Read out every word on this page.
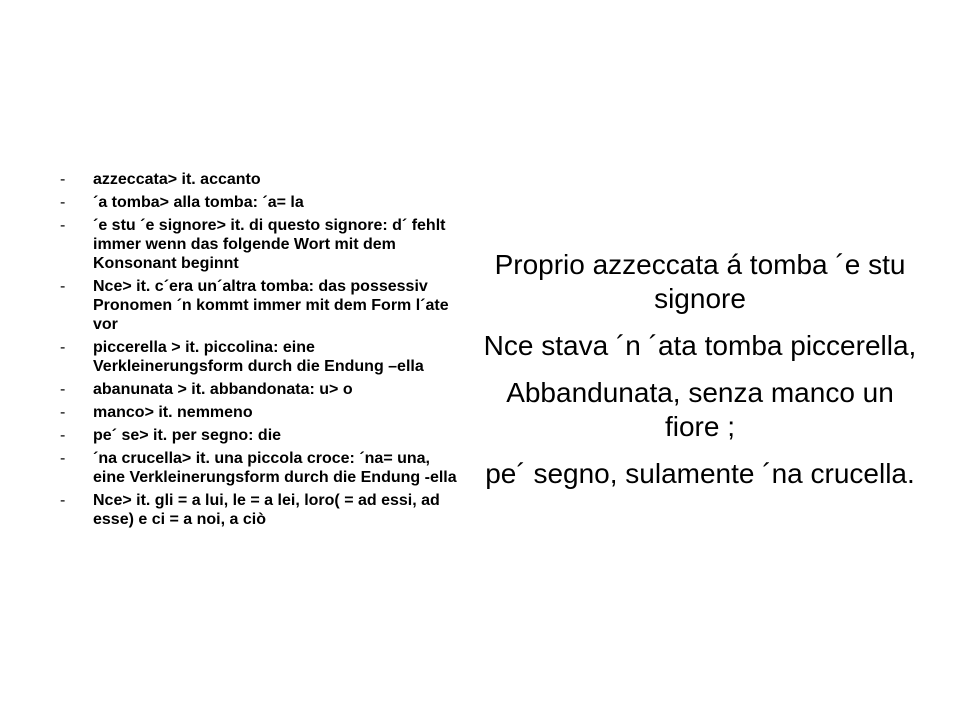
- azzeccata> it. accanto
- ´a tomba> alla tomba: ´a= la
- ´e stu ´e signore> it. di questo signore: d´ fehlt immer wenn das folgende Wort mit dem Konsonant beginnt
- Nce> it. c´era un´altra tomba: das possessiv Pronomen ´n kommt immer mit dem Form l´ate vor
- piccerella > it. piccolina: eine Verkleinerungsform durch die Endung –ella
- abanunata > it. abbandonata: u> o
- manco> it. nemmeno
- pe´ se> it. per segno: die
- ´na crucella> it. una piccola croce: ´na= una, eine Verkleinerungsform durch die Endung -ella
- Nce> it. gli = a lui, le = a lei, loro( = ad essi, ad esse) e ci = a noi, a ciò

Proprio azzeccata á tomba ´e stu signore

Nce stava ´n ´ata tomba piccerella,

Abbandunata, senza manco un fiore ;

pe´ segno, sulamente ´na crucella.
